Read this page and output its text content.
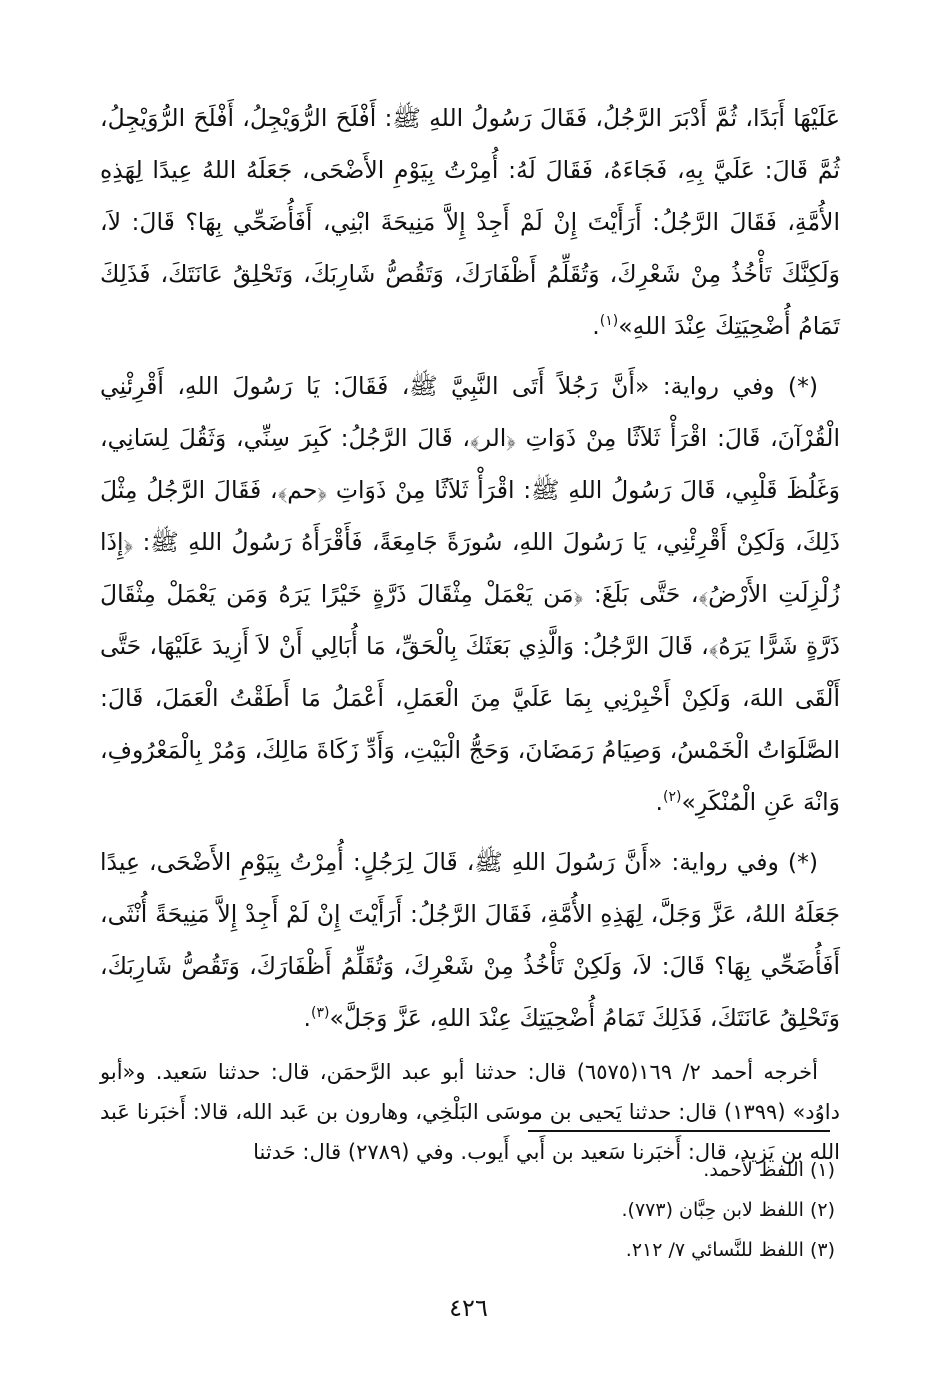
عَلَيْهَا أَبَدًا، ثُمَّ أَدْبَرَ الرَّجُلُ، فَقَالَ رَسُولُ اللهِ ﷺ: أَفْلَحَ الرُّوَيْجِلُ، أَفْلَحَ الرُّوَيْجِلُ، ثُمَّ قَالَ: عَلَيَّ بِهِ، فَجَاءَهُ، فَقَالَ لَهُ: أُمِرْتُ بِيَوْمِ الأَضْحَى، جَعَلَهُ اللهُ عِيدًا لِهَذِهِ الأُمَّةِ، فَقَالَ الرَّجُلُ: أَرَأَيْتَ إِنْ لَمْ أَجِدْ إِلاَّ مَنِيحَةَ ابْنِي، أَفَأُضَحِّي بِهَا؟ قَالَ: لاَ، وَلَكِنَّكَ تَأْخُذُ مِنْ شَعْرِكَ، وَتُقَلِّمُ أَظْفَارَكَ، وَتَقُصُّ شَارِبَكَ، وَتَحْلِقُ عَانَتَكَ، فَذَلِكَ تَمَامُ أُضْحِيَتِكَ عِنْدَ اللهِ»$^{(١)}$.

(*) وفي رواية: «أَنَّ رَجُلاً أَتَى النَّبِيَّ ﷺ، فَقَالَ: يَا رَسُولَ اللهِ، أَقْرِئْنِي الْقُرْآنَ، قَالَ: اقْرَأْ ثَلاَثًا مِنْ ذَوَاتِ ﴿الر﴾، قَالَ الرَّجُلُ: كَبِرَ سِنِّي، وَثَقُلَ لِسَانِي، وَغَلُظَ قَلْبِي، قَالَ رَسُولُ اللهِ ﷺ: اقْرَأْ ثَلاَثًا مِنْ ذَوَاتِ ﴿حم﴾، فَقَالَ الرَّجُلُ مِثْلَ ذَلِكَ، وَلَكِنْ أَقْرِئْنِي، يَا رَسُولَ اللهِ، سُورَةً جَامِعَةً، فَأَقْرَأَهُ رَسُولُ اللهِ ﷺ: ﴿إِذَا زُلْزِلَتِ الأَرْضُ﴾، حَتَّى بَلَغَ: ﴿مَن يَعْمَلْ مِثْقَالَ ذَرَّةٍ خَيْرًا يَرَهُ وَمَن يَعْمَلْ مِثْقَالَ ذَرَّةٍ شَرًّا يَرَهُ﴾، قَالَ الرَّجُلُ: وَالَّذِي بَعَثَكَ بِالْحَقِّ، مَا أُبَالِي أَنْ لاَ أَزِيدَ عَلَيْهَا، حَتَّى أَلْقَى اللهَ، وَلَكِنْ أَخْبِرْنِي بِمَا عَلَيَّ مِنَ الْعَمَلِ، أَعْمَلُ مَا أَطَقْتُ الْعَمَلَ، قَالَ: الصَّلَوَاتُ الْخَمْسُ، وَصِيَامُ رَمَضَانَ، وَحَجُّ الْبَيْتِ، وَأَدِّ زَكَاةَ مَالِكَ، وَمُرْ بِالْمَعْرُوفِ، وَانْهَ عَنِ الْمُنْكَرِ»$^{(٢)}$.

(*) وفي رواية: «أَنَّ رَسُولَ اللهِ ﷺ، قَالَ لِرَجُلٍ: أُمِرْتُ بِيَوْمِ الأَضْحَى، عِيدًا جَعَلَهُ اللهُ، عَزَّ وَجَلَّ، لِهَذِهِ الأُمَّةِ، فَقَالَ الرَّجُلُ: أَرَأَيْتَ إِنْ لَمْ أَجِدْ إِلاَّ مَنِيحَةً أُنْثَى، أَفَأُضَحِّي بِهَا؟ قَالَ: لاَ، وَلَكِنْ تَأْخُذُ مِنْ شَعْرِكَ، وَتُقَلِّمُ أَظْفَارَكَ، وَتَقُصُّ شَارِبَكَ، وَتَحْلِقُ عَانَتَكَ، فَذَلِكَ تَمَامُ أُضْحِيَتِكَ عِنْدَ اللهِ، عَزَّ وَجَلَّ»$^{(٣)}$.

أخرجه أحمد ٢/ ١٦٩(٦٥٧٥) قال: حدثنا أبو عبد الرَّحمَن، قال: حدثنا سَعيد. و«أبو داوُد» (١٣٩٩) قال: حدثنا يَحيى بن موسَى البَلْخِي، وهارون بن عَبد الله، قالا: أَخبَرنا عَبد الله بن يَزيد، قال: أَخبَرنا سَعيد بن أَبي أَيوب. وفي (٢٧٨٩) قال: حَدثنا

(١) اللفظ لأحمد.

(٢) اللفظ لابن حِبَّان (٧٧٣).

(٣) اللفظ للنَّسائي ٧/ ٢١٢.

٤٢٦
